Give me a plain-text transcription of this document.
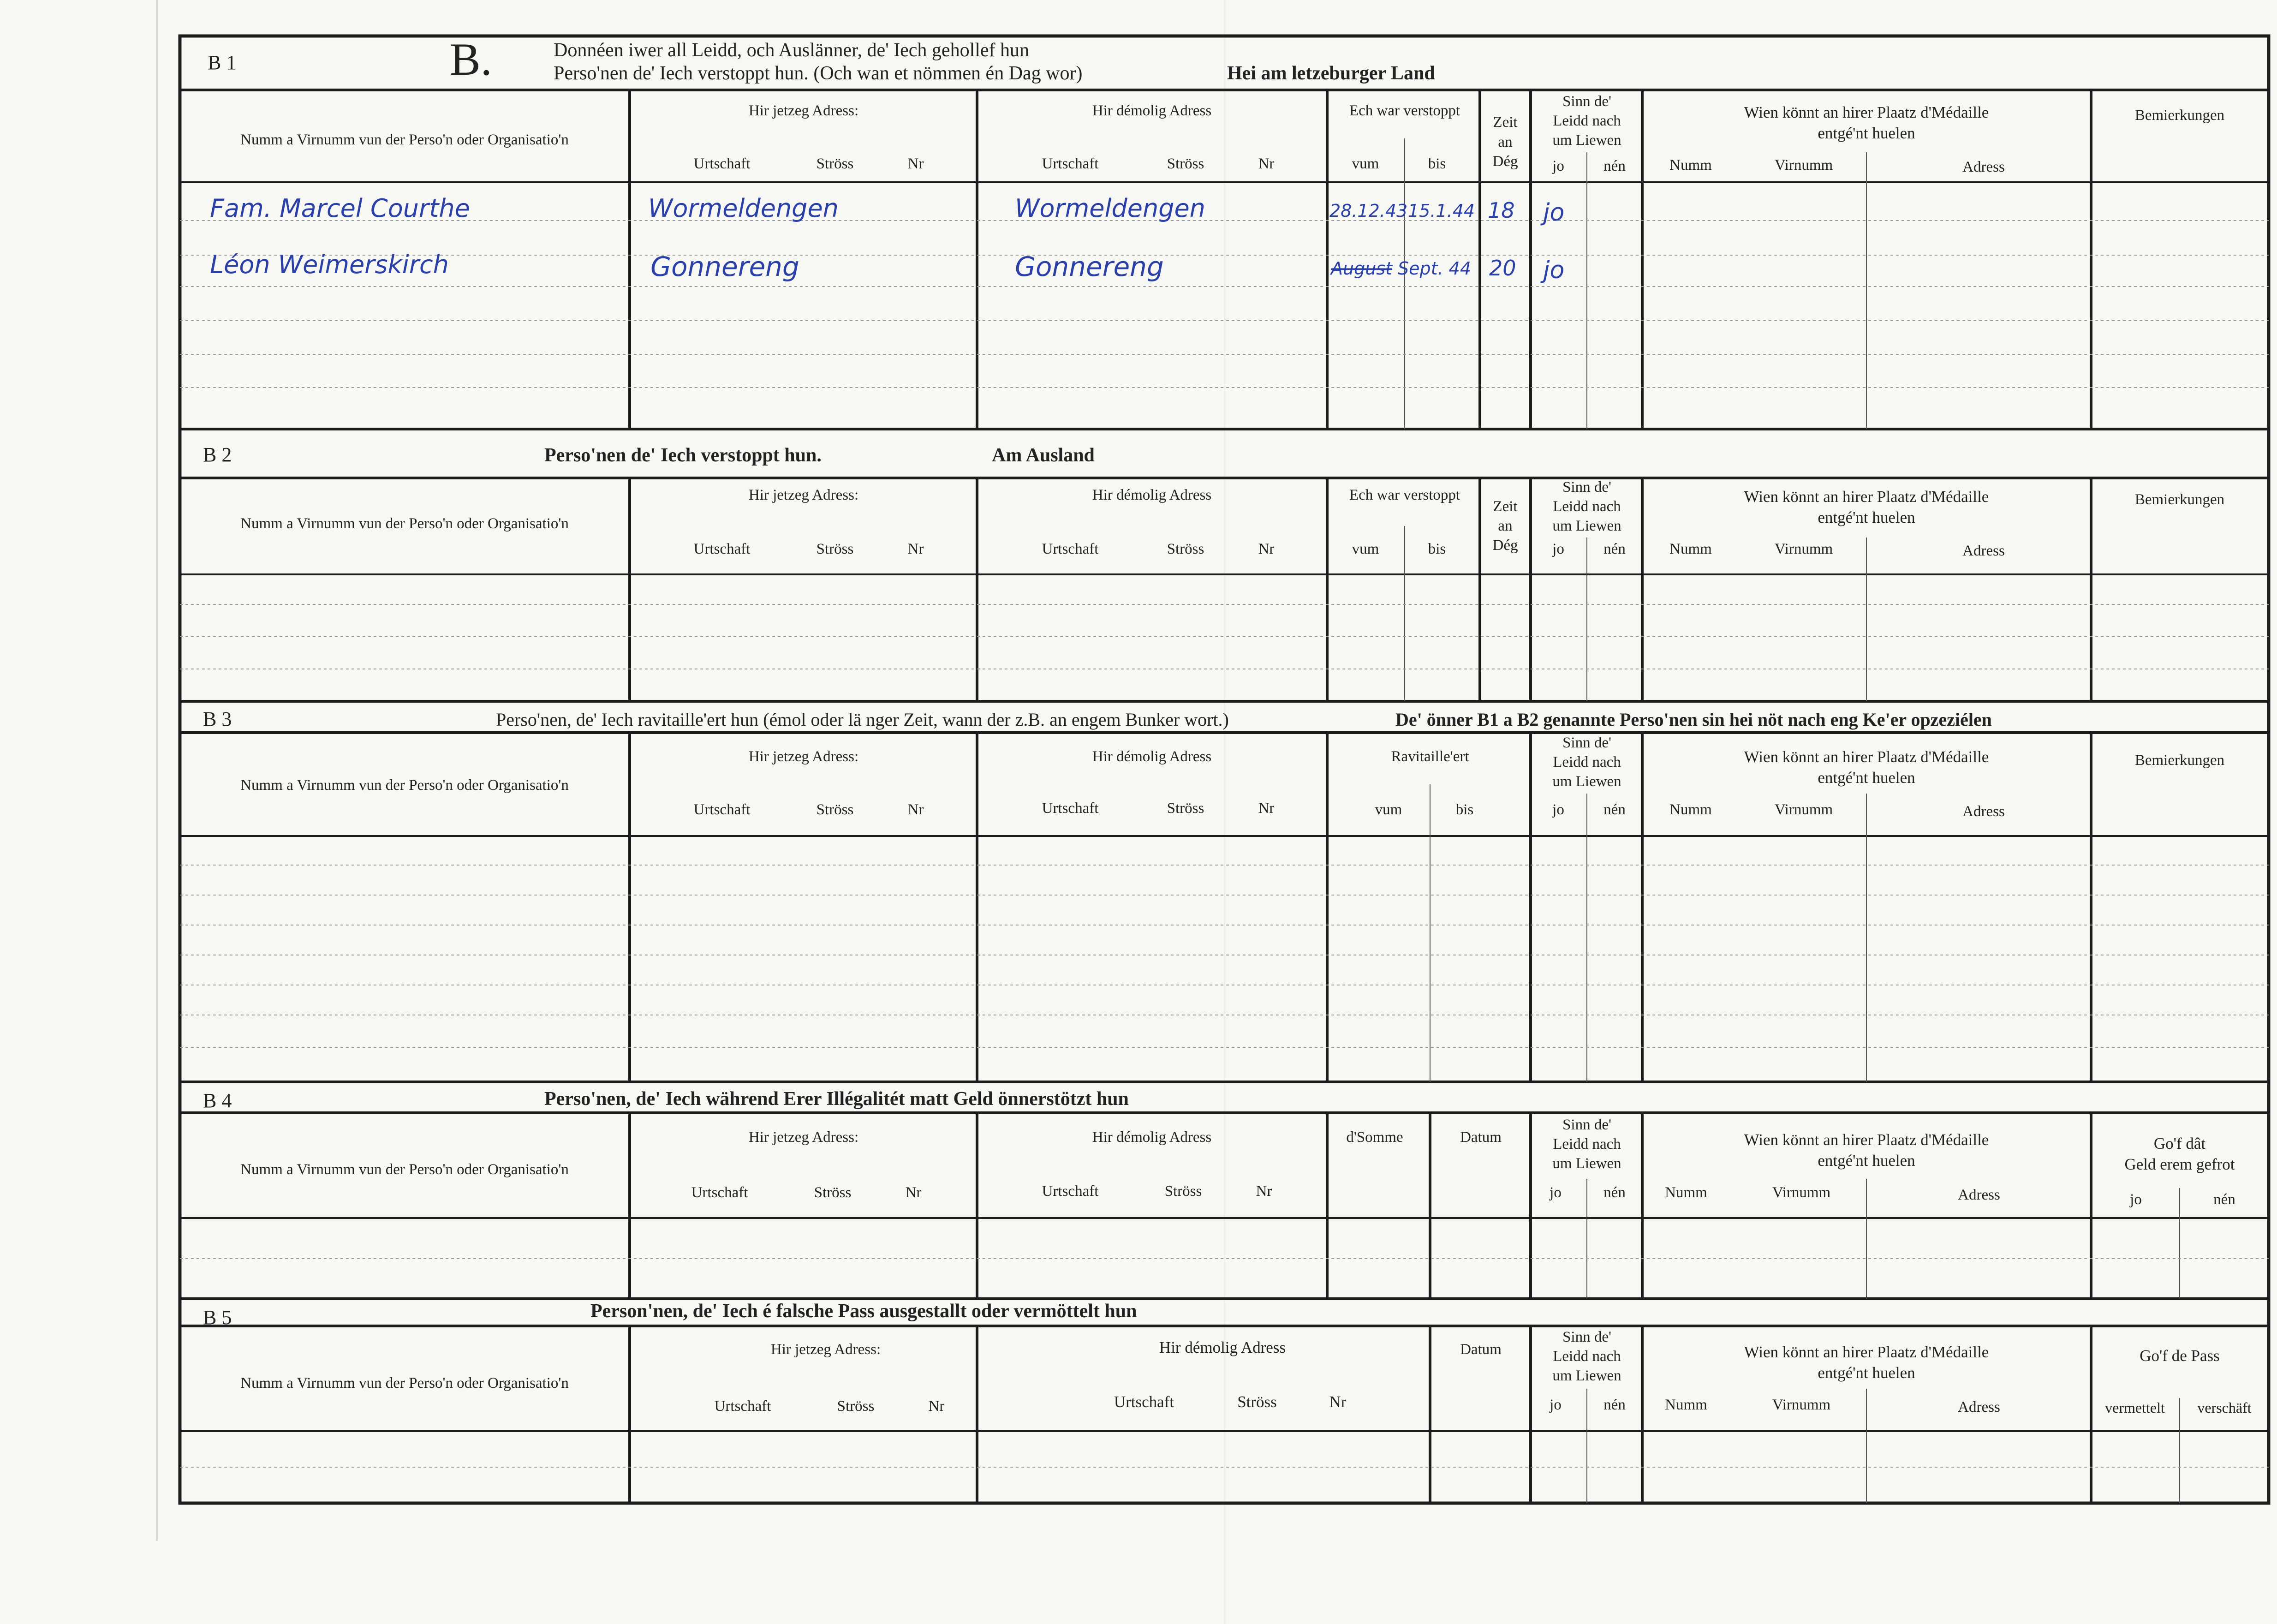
B 1	B.	Donnéen iwer all Leidd, och Auslänner, de' Iech gehollef hun
Perso'nen de' Iech verstoppt hun. (Och wan et nömmen én Dag wor)	Hei am letzeburger Land
Numm a Virnumm vun der Perso'n oder Organisatio'n
Hir jetzeg Adress:
Urtschaft	Ströss	Nr
Hir démolig Adress
Urtschaft	Ströss	Nr
Ech war verstoppt
vum	bis
Zeit
an
Dég
Sinn de'
Leidd nach
um Liewen
jo	nén
Wien könnt an hirer Plaatz d'Médaille
entgé'nt huelen
Numm	Virnumm	Adress
Bemierkungen
Fam. Marcel Courthe	Wormeldengen	Wormeldengen	28.12.43 15.1.44 18 jo
Léon Weimerskirch	Gonnereng	Gonnereng	August Sept. 44 20 jo
B 2	Perso'nen de' Iech verstoppt hun.	Am Ausland
Numm a Virnumm vun der Perso'n oder Organisatio'n
Hir jetzeg Adress:
Urtschaft	Ströss	Nr
Hir démolig Adress
Urtschaft	Ströss	Nr
Ech war verstoppt
vum	bis
Zeit
an
Dég
Sinn de'
Leidd nach
um Liewen
jo	nén
Wien könnt an hirer Plaatz d'Médaille
entgé'nt huelen
Numm	Virnumm	Adress
Bemierkungen
B 3	Perso'nen, de' Iech ravitaille'ert hun (émol oder lä nger Zeit, wann der z.B. an engem Bunker wort.)	De' önner B1 a B2 genannte Perso'nen sin hei nöt nach eng Ke'er opzeziélen
Numm a Virnumm vun der Perso'n oder Organisatio'n
Hir jetzeg Adress:
Urtschaft	Ströss	Nr
Hir démolig Adress
Urtschaft	Ströss	Nr
Ravitaille'ert
vum	bis
Sinn de'
Leidd nach
um Liewen
jo	nén
Wien könnt an hirer Plaatz d'Médaille
entgé'nt huelen
Numm	Virnumm	Adress
Bemierkungen
B 4	Perso'nen, de' Iech während Erer Illégalitét matt Geld önnerstötzt hun
Numm a Virnumm vun der Perso'n oder Organisatio'n
Hir jetzeg Adress:
Urtschaft	Ströss	Nr
Hir démolig Adress
Urtschaft	Ströss	Nr
d'Somme	Datum
Sinn de'
Leidd nach
um Liewen
jo	nén
Wien könnt an hirer Plaatz d'Médaille
entgé'nt huelen
Numm	Virnumm	Adress
Go'f dât
Geld erem gefrot
jo	nén
B 5	Person'nen, de' Iech é falsche Pass ausgestallt oder vermöttelt hun
Numm a Virnumm vun der Perso'n oder Organisatio'n
Hir jetzeg Adress:
Urtschaft	Ströss	Nr
Hir démolig Adress
Urtschaft	Ströss	Nr
Datum
Sinn de'
Leidd nach
um Liewen
jo	nén
Wien könnt an hirer Plaatz d'Médaille
entgé'nt huelen
Numm	Virnumm	Adress
Go'f de Pass
vermettelt verschäft
